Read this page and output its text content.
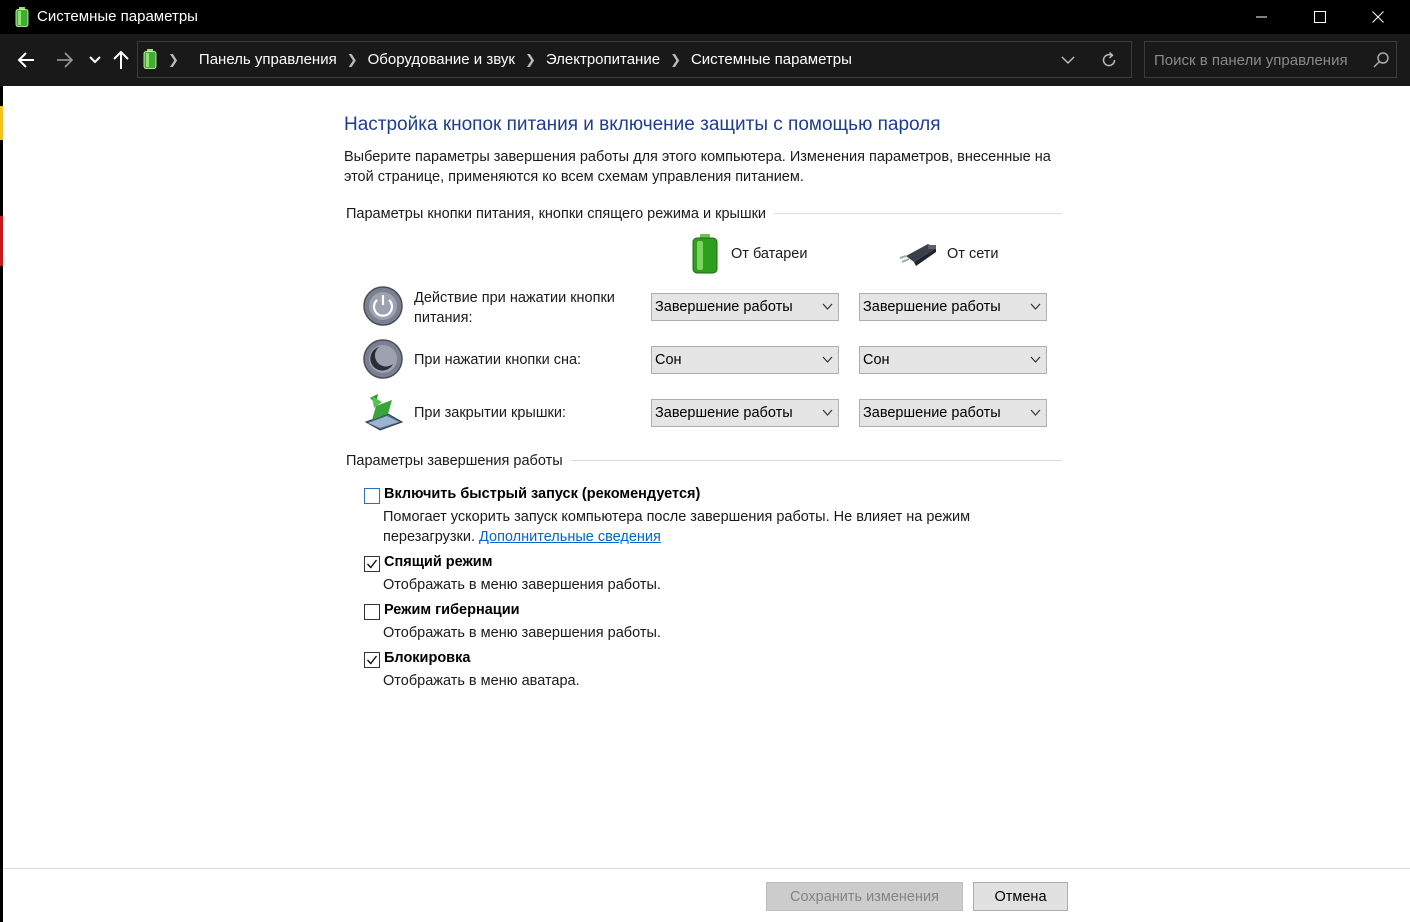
Системные параметры
❯ Панель управления ❯ Оборудование и звук ❯ Электропитание ❯ Системные параметры
Поиск в панели управления
Настройка кнопок питания и включение защиты с помощью пароля
Выберите параметры завершения работы для этого компьютера. Изменения параметров, внесенные на этой странице, применяются ко всем схемам управления питанием.
Параметры кнопки питания, кнопки спящего режима и крышки
От батареи	От сети
Действие при нажатии кнопки питания:
Завершение работы	Завершение работы
При нажатии кнопки сна:	Сон	Сон
При закрытии крышки:	Завершение работы	Завершение работы
Параметры завершения работы
Включить быстрый запуск (рекомендуется)
Помогает ускорить запуск компьютера после завершения работы. Не влияет на режим перезагрузки. Дополнительные сведения
Спящий режим
Отображать в меню завершения работы.
Режим гибернации
Отображать в меню завершения работы.
Блокировка
Отображать в меню аватара.
Сохранить изменения	Отмена
